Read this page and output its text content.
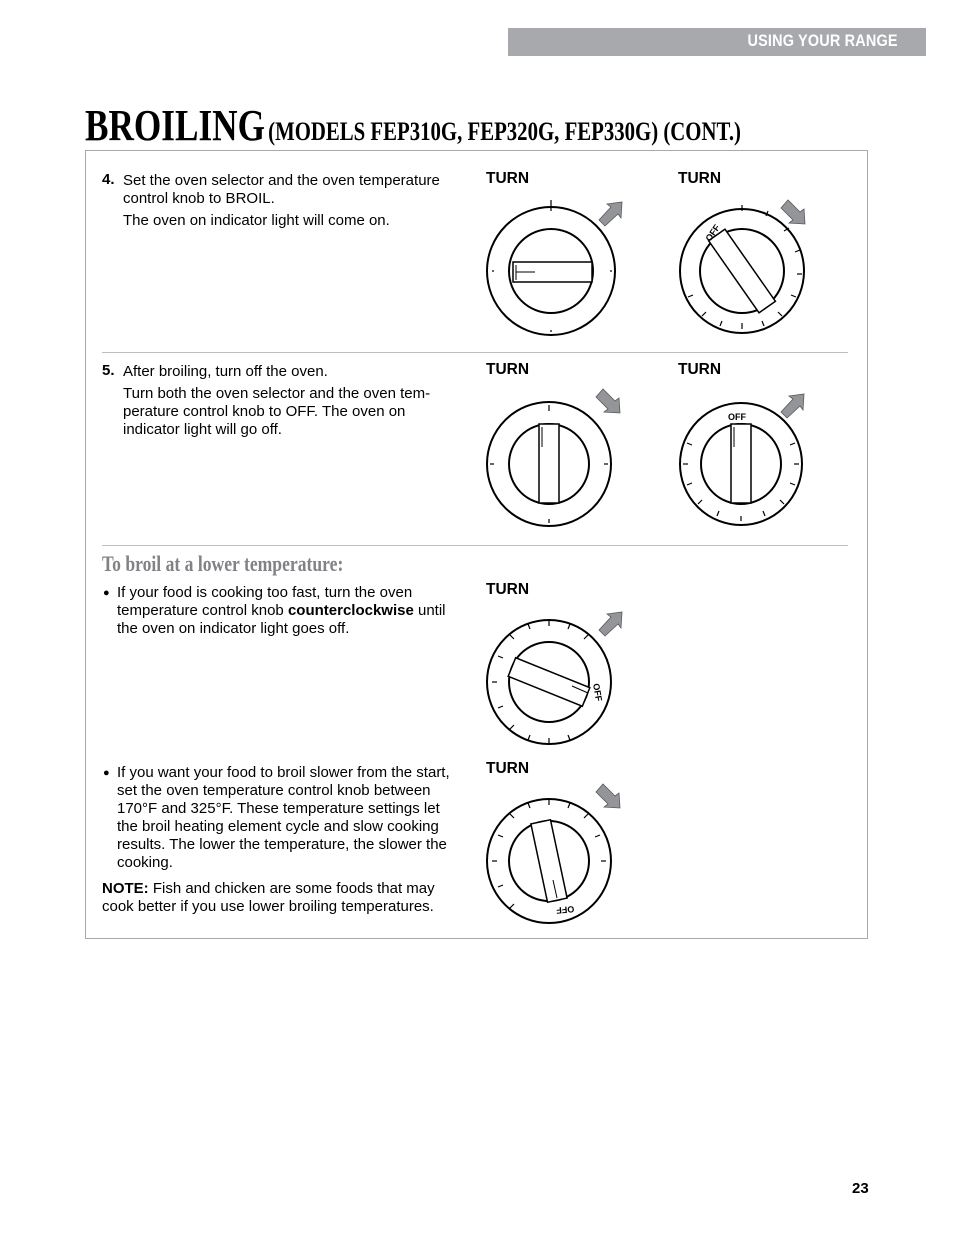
USING YOUR RANGE
BROILING (MODELS FEP310G, FEP320G, FEP330G) (CONT.)
4. Set the oven selector and the oven temperature control knob to BROIL.
The oven on indicator light will come on.
TURN	TURN
OFF
5. After broiling, turn off the oven.
Turn both the oven selector and the oven tem-perature control knob to OFF. The oven on indicator light will go off.
TURN	TURN
OFF
To broil at a lower temperature:
● If your food is cooking too fast, turn the oven temperature control knob counterclockwise until the oven on indicator light goes off.
TURN
OFF
● If you want your food to broil slower from the start, set the oven temperature control knob between 170°F and 325°F. These temperature settings let the broil heating element cycle and slow cooking results. The lower the temperature, the slower the cooking.
NOTE: Fish and chicken are some foods that may cook better if you use lower broiling temperatures.
TURN
OFF
23
